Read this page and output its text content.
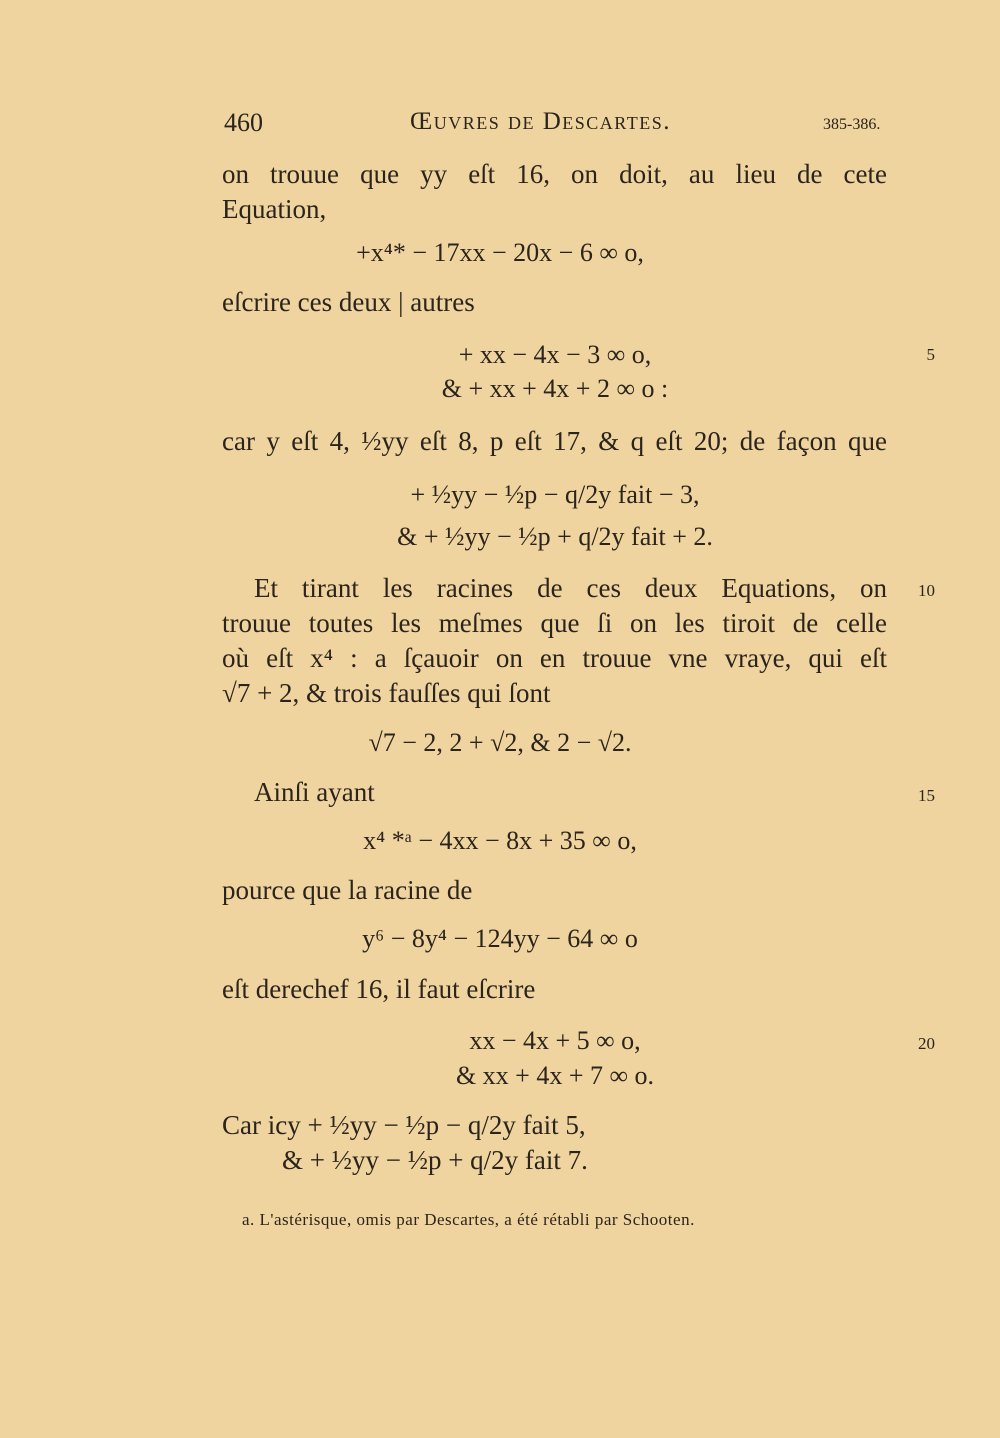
460	Œuvres de Descartes.	385-386.
on trouue que yy eſt 16, on doit, au lieu de cete
Equation,
+x⁴* − 17xx − 20x − 6 ∞ o,
eſcrire ces deux | autres
+ xx − 4x − 3 ∞ o,
& + xx + 4x + 2 ∞ o :
5
car y eſt 4, ½yy eſt 8, p eſt 17, & q eſt 20; de façon que
+ ½yy − ½p − q/2y fait − 3,
& + ½yy − ½p + q/2y fait + 2.
Et tirant les racines de ces deux Equations, on
trouue toutes les meſmes que ſi on les tiroit de celle
où eſt x⁴ : a ſçauoir on en trouue vne vraye, qui eſt
√7 + 2, & trois fauſſes qui ſont
10
√7 − 2, 2 + √2, & 2 − √2.
Ainſi ayant	15
x⁴ *ᵃ − 4xx − 8x + 35 ∞ o,
pource que la racine de
y⁶ − 8y⁴ − 124yy − 64 ∞ o
eſt derechef 16, il faut eſcrire
xx − 4x + 5 ∞ o,
& xx + 4x + 7 ∞ o.
20
Car icy + ½yy − ½p − q/2y fait 5,
& + ½yy − ½p + q/2y fait 7.
a. L'astérisque, omis par Descartes, a été rétabli par Schooten.
